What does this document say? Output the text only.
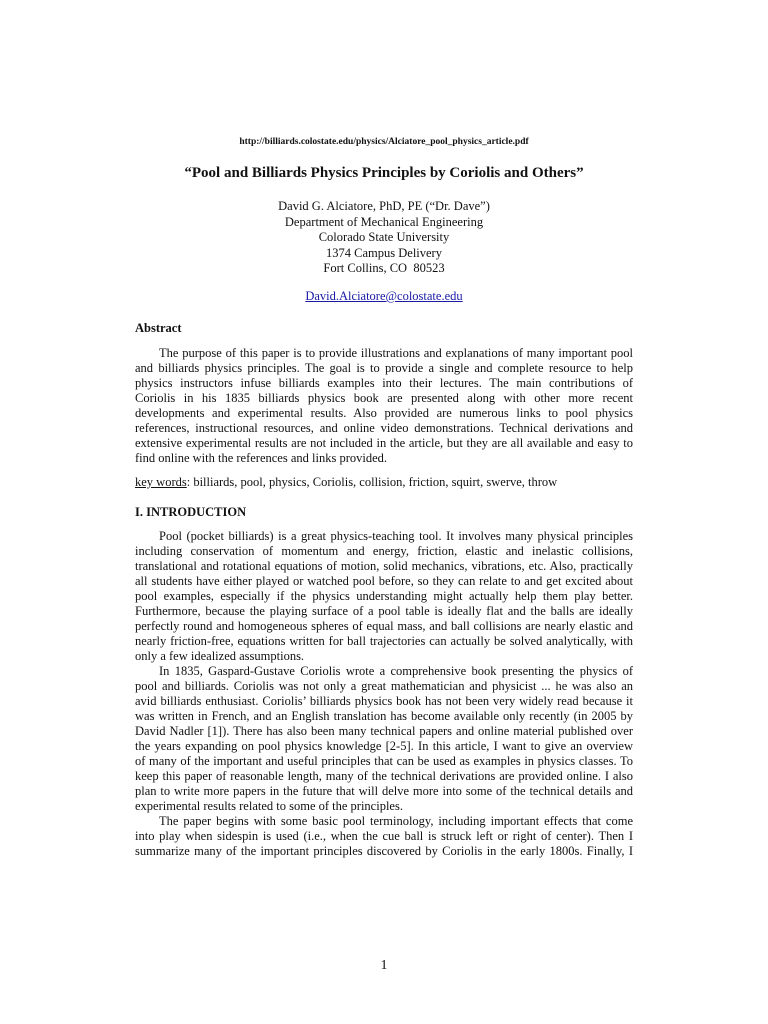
http://billiards.colostate.edu/physics/Alciatore_pool_physics_article.pdf
“Pool and Billiards Physics Principles by Coriolis and Others”
David G. Alciatore, PhD, PE (“Dr. Dave”)
Department of Mechanical Engineering
Colorado State University
1374 Campus Delivery
Fort Collins, CO  80523
David.Alciatore@colostate.edu
Abstract
The purpose of this paper is to provide illustrations and explanations of many important pool
and billiards physics principles. The goal is to provide a single and complete resource to help
physics instructors infuse billiards examples into their lectures. The main contributions of
Coriolis in his 1835 billiards physics book are presented along with other more recent
developments and experimental results. Also provided are numerous links to pool physics
references, instructional resources, and online video demonstrations. Technical derivations and
extensive experimental results are not included in the article, but they are all available and easy to
find online with the references and links provided.
key words: billiards, pool, physics, Coriolis, collision, friction, squirt, swerve, throw
I. INTRODUCTION
Pool (pocket billiards) is a great physics-teaching tool. It involves many physical principles
including conservation of momentum and energy, friction, elastic and inelastic collisions,
translational and rotational equations of motion, solid mechanics, vibrations, etc. Also, practically
all students have either played or watched pool before, so they can relate to and get excited about
pool examples, especially if the physics understanding might actually help them play better.
Furthermore, because the playing surface of a pool table is ideally flat and the balls are ideally
perfectly round and homogeneous spheres of equal mass, and ball collisions are nearly elastic and
nearly friction-free, equations written for ball trajectories can actually be solved analytically, with
only a few idealized assumptions.
In 1835, Gaspard-Gustave Coriolis wrote a comprehensive book presenting the physics of
pool and billiards. Coriolis was not only a great mathematician and physicist ... he was also an
avid billiards enthusiast. Coriolis’ billiards physics book has not been very widely read because it
was written in French, and an English translation has become available only recently (in 2005 by
David Nadler [1]). There has also been many technical papers and online material published over
the years expanding on pool physics knowledge [2-5]. In this article, I want to give an overview
of many of the important and useful principles that can be used as examples in physics classes. To
keep this paper of reasonable length, many of the technical derivations are provided online. I also
plan to write more papers in the future that will delve more into some of the technical details and
experimental results related to some of the principles.
The paper begins with some basic pool terminology, including important effects that come
into play when sidespin is used (i.e., when the cue ball is struck left or right of center). Then I
summarize many of the important principles discovered by Coriolis in the early 1800s. Finally, I
1
